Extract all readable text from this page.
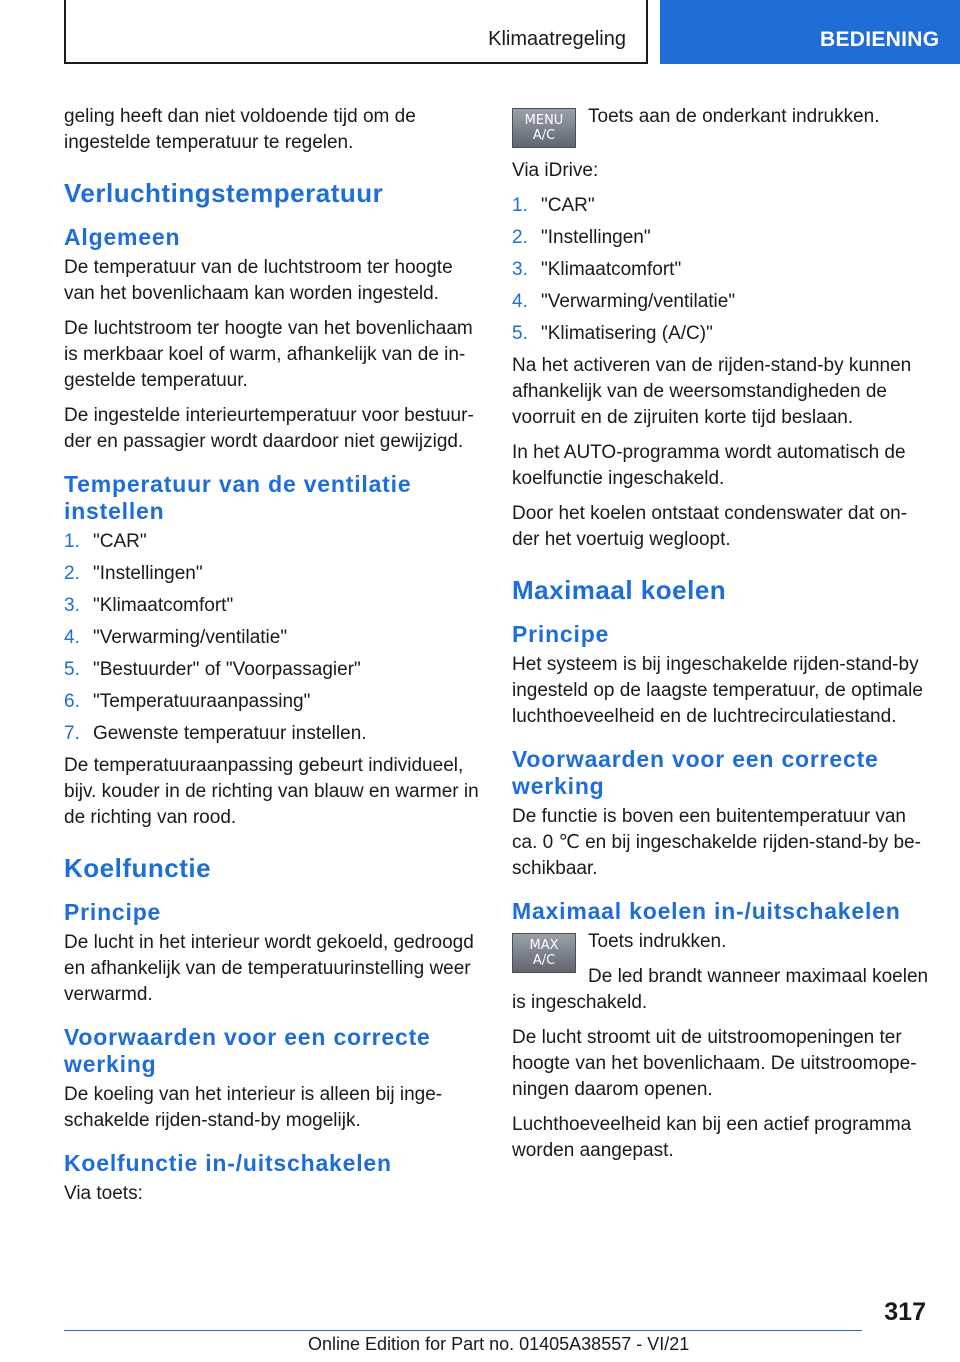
Klimaatregeling	BEDIENING

geling heeft dan niet voldoende tijd om de ingestelde temperatuur te regelen.

Verluchtingstemperatuur
Algemeen

De temperatuur van de luchtstroom ter hoogte van het bovenlichaam kan worden ingesteld.

De luchtstroom ter hoogte van het bovenlichaam is merkbaar koel of warm, afhankelijk van de in-gestelde temperatuur.

De ingestelde interieurtemperatuur voor bestuur-der en passagier wordt daardoor niet gewijzigd.

Temperatuur van de ventilatie instellen
1. "CAR"
2. "Instellingen"
3. "Klimaatcomfort"
4. "Verwarming/ventilatie"
5. "Bestuurder" of "Voorpassagier"
6. "Temperatuuraanpassing"
7. Gewenste temperatuur instellen.

De temperatuuraanpassing gebeurt individueel, bijv. kouder in de richting van blauw en warmer in de richting van rood.

Koelfunctie
Principe

De lucht in het interieur wordt gekoeld, gedroogd en afhankelijk van de temperatuurinstelling weer verwarmd.

Voorwaarden voor een correcte werking

De koeling van het interieur is alleen bij inge-schakelde rijden-stand-by mogelijk.

Koelfunctie in-/uitschakelen

Via toets:

MENU
A/C

Toets aan de onderkant indrukken.

Via iDrive:

1. "CAR"
2. "Instellingen"
3. "Klimaatcomfort"
4. "Verwarming/ventilatie"
5. "Klimatisering (A/C)"

Na het activeren van de rijden-stand-by kunnen afhankelijk van de weersomstandigheden de voorruit en de zijruiten korte tijd beslaan.

In het AUTO-programma wordt automatisch de koelfunctie ingeschakeld.

Door het koelen ontstaat condenswater dat on-der het voertuig wegloopt.

Maximaal koelen
Principe

Het systeem is bij ingeschakelde rijden-stand-by ingesteld op de laagste temperatuur, de optimale luchthoeveelheid en de luchtrecirculatiestand.

Voorwaarden voor een correcte werking

De functie is boven een buitentemperatuur van ca. 0 ℃ en bij ingeschakelde rijden-stand-by be-schikbaar.

Maximaal koelen in-/uitschakelen
MAX
A/C

Toets indrukken.

De led brandt wanneer maximaal koelen is ingeschakeld.

De lucht stroomt uit de uitstroomopeningen ter hoogte van het bovenlichaam. De uitstroomope-ningen daarom openen.

Luchthoeveelheid kan bij een actief programma worden aangepast.

317
Online Edition for Part no. 01405A38557 - VI/21
